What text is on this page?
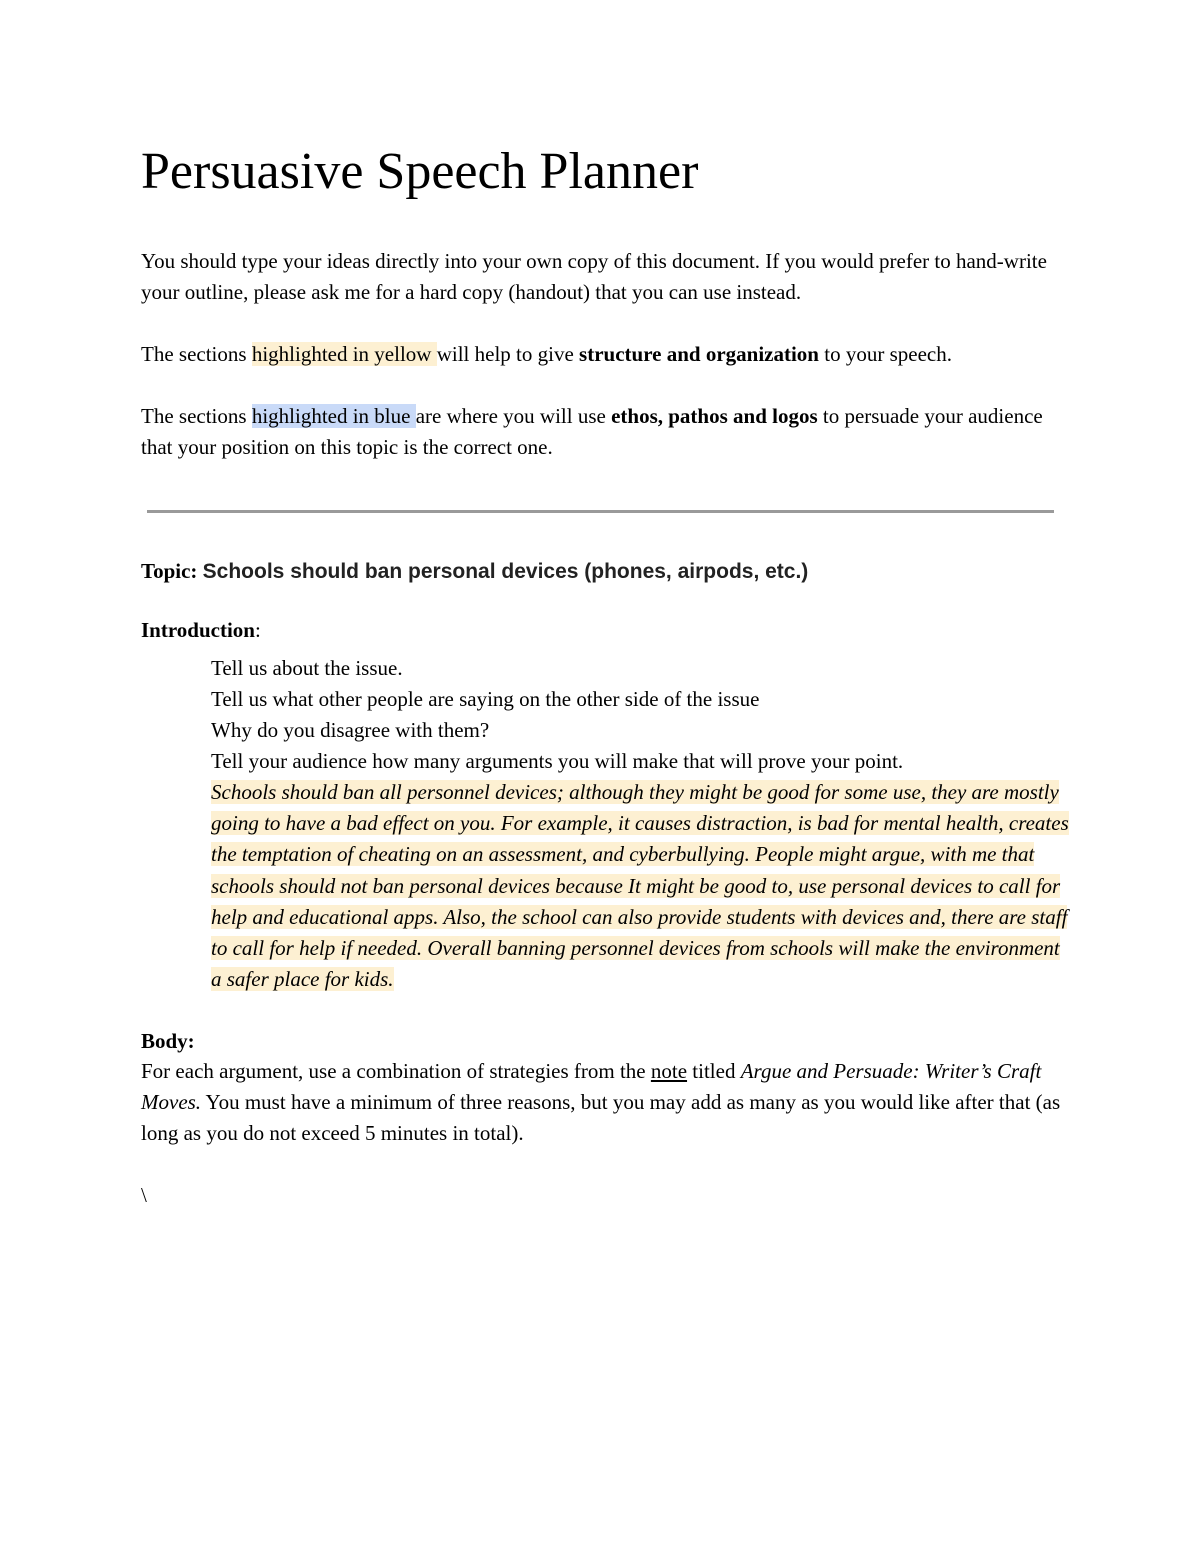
Persuasive Speech Planner

You should type your ideas directly into your own copy of this document. If you would prefer to hand-write your outline, please ask me for a hard copy (handout) that you can use instead.

The sections highlighted in yellow will help to give structure and organization to your speech.

The sections highlighted in blue are where you will use ethos, pathos and logos to persuade your audience that your position on this topic is the correct one.

Topic: Schools should ban personal devices (phones, airpods, etc.)
Introduction:
Tell us about the issue.
Tell us what other people are saying on the other side of the issue
Why do you disagree with them?
Tell your audience how many arguments you will make that will prove your point.

Schools should ban all personnel devices; although they might be good for some use, they are mostly going to have a bad effect on you. For example, it causes distraction, is bad for mental health, creates the temptation of cheating on an assessment, and cyberbullying. People might argue, with me that schools should not ban personal devices because It might be good to, use personal devices to call for help and educational apps. Also, the school can also provide students with devices and, there are staff to call for help if needed. Overall banning personnel devices from schools will make the environment a safer place for kids.

Body:

For each argument, use a combination of strategies from the note titled Argue and Persuade: Writer’s Craft Moves. You must have a minimum of three reasons, but you may add as many as you would like after that (as long as you do not exceed 5 minutes in total).

\
